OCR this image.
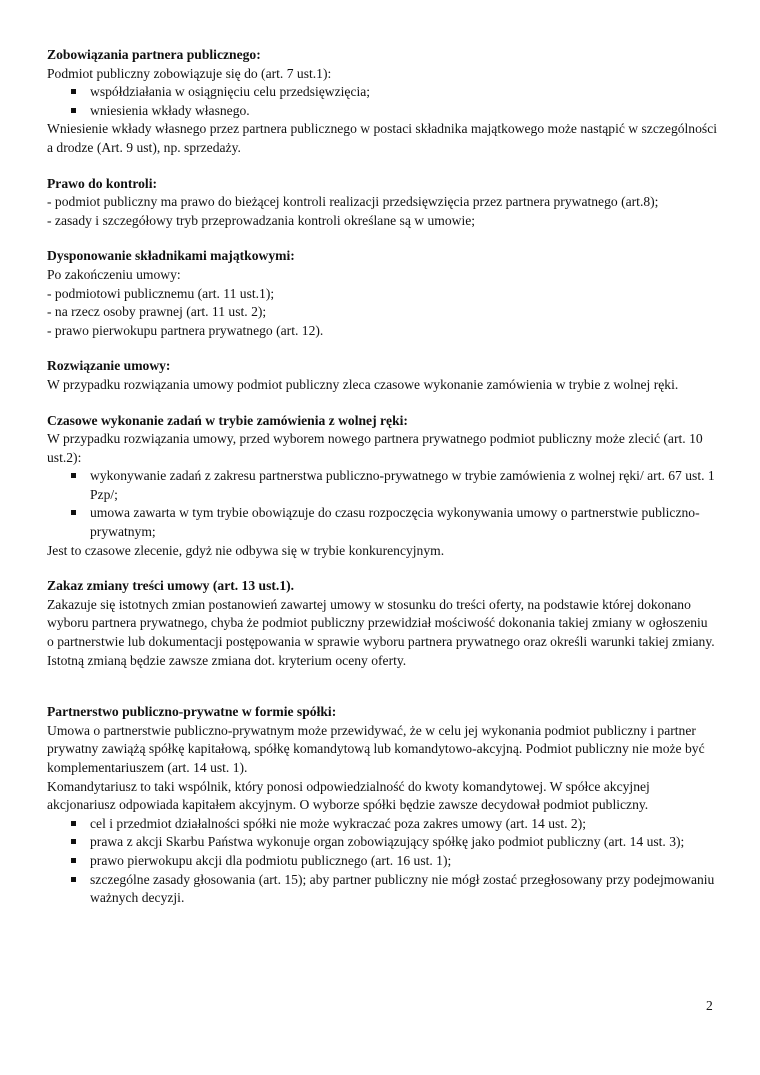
Zobowiązania partnera publicznego:
Podmiot publiczny zobowiązuje się do (art. 7 ust.1):
współdziałania w osiągnięciu celu przedsięwzięcia;
wniesienia wkłady własnego.
Wniesienie wkłady własnego przez partnera publicznego w postaci składnika majątkowego może nastąpić w szczególności a drodze (Art. 9 ust), np. sprzedaży.
Prawo do kontroli:
- podmiot publiczny ma prawo do bieżącej kontroli realizacji przedsięwzięcia przez partnera prywatnego (art.8);
- zasady i szczegółowy tryb przeprowadzania kontroli określane są w umowie;
Dysponowanie składnikami majątkowymi:
Po zakończeniu umowy:
- podmiotowi publicznemu (art. 11 ust.1);
- na rzecz osoby prawnej (art. 11 ust. 2);
- prawo pierwokupu partnera prywatnego (art. 12).
Rozwiązanie umowy:
W przypadku rozwiązania umowy podmiot publiczny zleca czasowe wykonanie zamówienia w trybie z wolnej ręki.
Czasowe wykonanie zadań w trybie zamówienia z wolnej ręki:
W przypadku rozwiązania umowy, przed wyborem nowego partnera prywatnego podmiot publiczny może zlecić (art. 10 ust.2):
wykonywanie zadań z zakresu partnerstwa publiczno-prywatnego w trybie zamówienia z wolnej ręki/ art. 67 ust. 1 Pzp/;
umowa zawarta w tym trybie obowiązuje do czasu rozpoczęcia wykonywania umowy o partnerstwie publiczno-prywatnym;
Jest to czasowe zlecenie, gdyż nie odbywa się w trybie konkurencyjnym.
Zakaz zmiany treści umowy (art. 13 ust.1).
Zakazuje się istotnych zmian postanowień zawartej umowy w stosunku do treści oferty, na podstawie której dokonano wyboru partnera prywatnego, chyba że podmiot publiczny przewidział mościwość dokonania takiej zmiany w ogłoszeniu o partnerstwie lub dokumentacji postępowania w sprawie wyboru partnera prywatnego oraz określi warunki takiej zmiany.
Istotną zmianą będzie zawsze zmiana dot. kryterium oceny oferty.
Partnerstwo publiczno-prywatne w formie spółki:
Umowa o partnerstwie publiczno-prywatnym może przewidywać, że w celu jej wykonania podmiot publiczny i partner prywatny zawiążą spółkę kapitałową, spółkę komandytową lub komandytowo-akcyjną. Podmiot publiczny nie może być komplementariuszem (art. 14 ust. 1).
Komandytariusz to taki wspólnik, który ponosi odpowiedzialność do kwoty komandytowej. W spółce akcyjnej akcjonariusz odpowiada kapitałem akcyjnym. O wyborze spółki będzie zawsze decydował podmiot publiczny.
cel i przedmiot działalności spółki nie może wykraczać poza zakres umowy (art. 14 ust. 2);
prawa z akcji Skarbu Państwa wykonuje organ zobowiązujący spółkę jako podmiot publiczny (art. 14 ust. 3);
prawo pierwokupu akcji dla podmiotu publicznego (art. 16 ust. 1);
szczególne zasady głosowania (art. 15); aby partner publiczny nie mógł zostać przegłosowany przy podejmowaniu ważnych decyzji.
2
